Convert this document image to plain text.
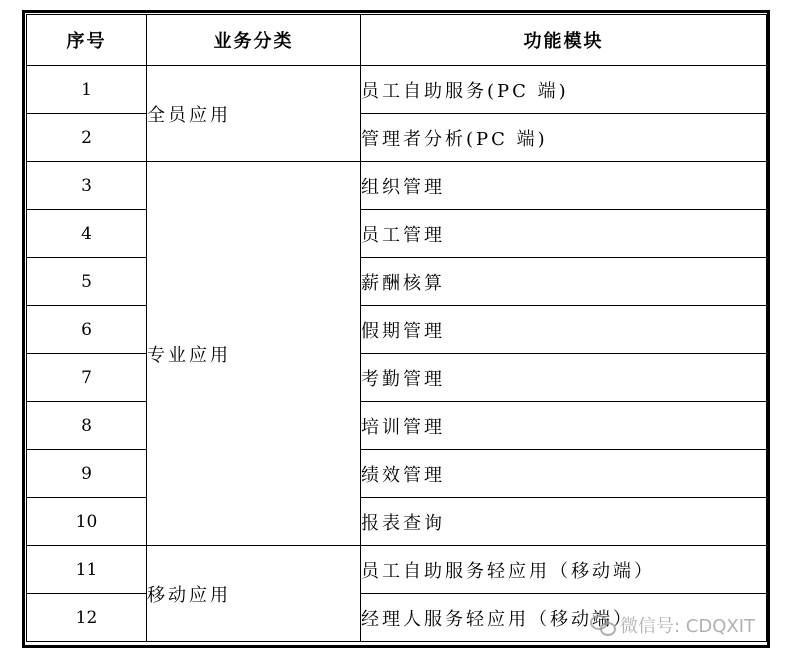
序号	业务分类	功能模块
1	全员应用	员工自助服务(PC 端)
2		管理者分析(PC 端)
3	专业应用	组织管理
4		员工管理
5		薪酬核算
6		假期管理
7		考勤管理
8		培训管理
9		绩效管理
10		报表查询
11	移动应用	员工自助服务轻应用（移动端）
12		经理人服务轻应用（移动端）
微信号: CDQXIT
